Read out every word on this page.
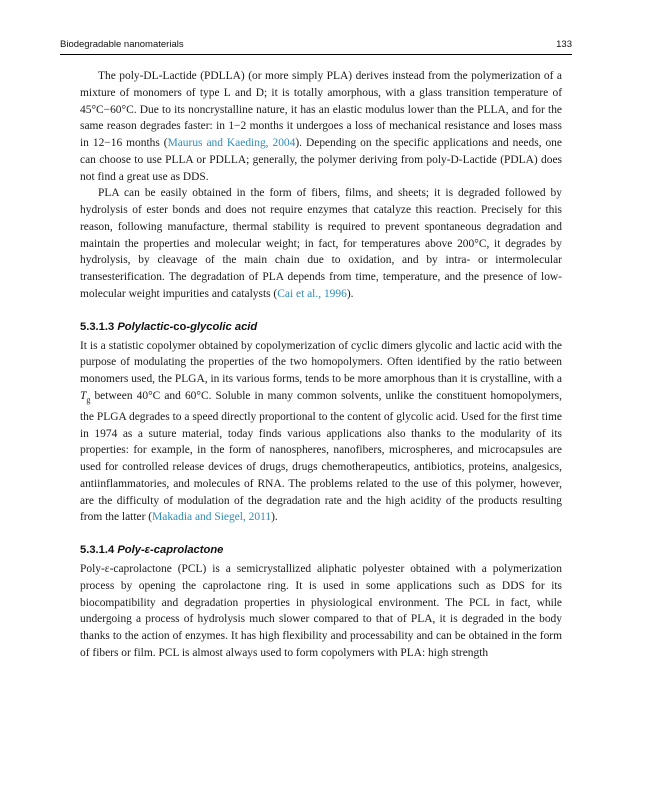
Biodegradable nanomaterials	133

The poly-DL-Lactide (PDLLA) (or more simply PLA) derives instead from the polymerization of a mixture of monomers of type L and D; it is totally amorphous, with a glass transition temperature of 45°C−60°C. Due to its noncrystalline nature, it has an elastic modulus lower than the PLLA, and for the same reason degrades faster: in 1−2 months it undergoes a loss of mechanical resistance and loses mass in 12−16 months (Maurus and Kaeding, 2004). Depending on the specific applications and needs, one can choose to use PLLA or PDLLA; generally, the polymer deriving from poly-D-Lactide (PDLA) does not find a great use as DDS.

PLA can be easily obtained in the form of fibers, films, and sheets; it is degraded followed by hydrolysis of ester bonds and does not require enzymes that catalyze this reaction. Precisely for this reason, following manufacture, thermal stability is required to prevent spontaneous degradation and maintain the properties and molecular weight; in fact, for temperatures above 200°C, it degrades by hydrolysis, by cleavage of the main chain due to oxidation, and by intra- or intermolecular transesterification. The degradation of PLA depends from time, temperature, and the presence of low-molecular weight impurities and catalysts (Cai et al., 1996).

5.3.1.3 Polylactic-co-glycolic acid

It is a statistic copolymer obtained by copolymerization of cyclic dimers glycolic and lactic acid with the purpose of modulating the properties of the two homopolymers. Often identified by the ratio between monomers used, the PLGA, in its various forms, tends to be more amorphous than it is crystalline, with a $T_g$ between 40°C and 60°C. Soluble in many common solvents, unlike the constituent homopolymers, the PLGA degrades to a speed directly proportional to the content of glycolic acid. Used for the first time in 1974 as a suture material, today finds various applications also thanks to the modularity of its properties: for example, in the form of nanospheres, nanofibers, microspheres, and microcapsules are used for controlled release devices of drugs, drugs chemotherapeutics, antibiotics, proteins, analgesics, antiinflammatories, and molecules of RNA. The problems related to the use of this polymer, however, are the difficulty of modulation of the degradation rate and the high acidity of the products resulting from the latter (Makadia and Siegel, 2011).

5.3.1.4 Poly-ε-caprolactone

Poly-ε-caprolactone (PCL) is a semicrystallized aliphatic polyester obtained with a polymerization process by opening the caprolactone ring. It is used in some applications such as DDS for its biocompatibility and degradation properties in physiological environment. The PCL in fact, while undergoing a process of hydrolysis much slower compared to that of PLA, it is degraded in the body thanks to the action of enzymes. It has high flexibility and processability and can be obtained in the form of fibers or film. PCL is almost always used to form copolymers with PLA: high strength
